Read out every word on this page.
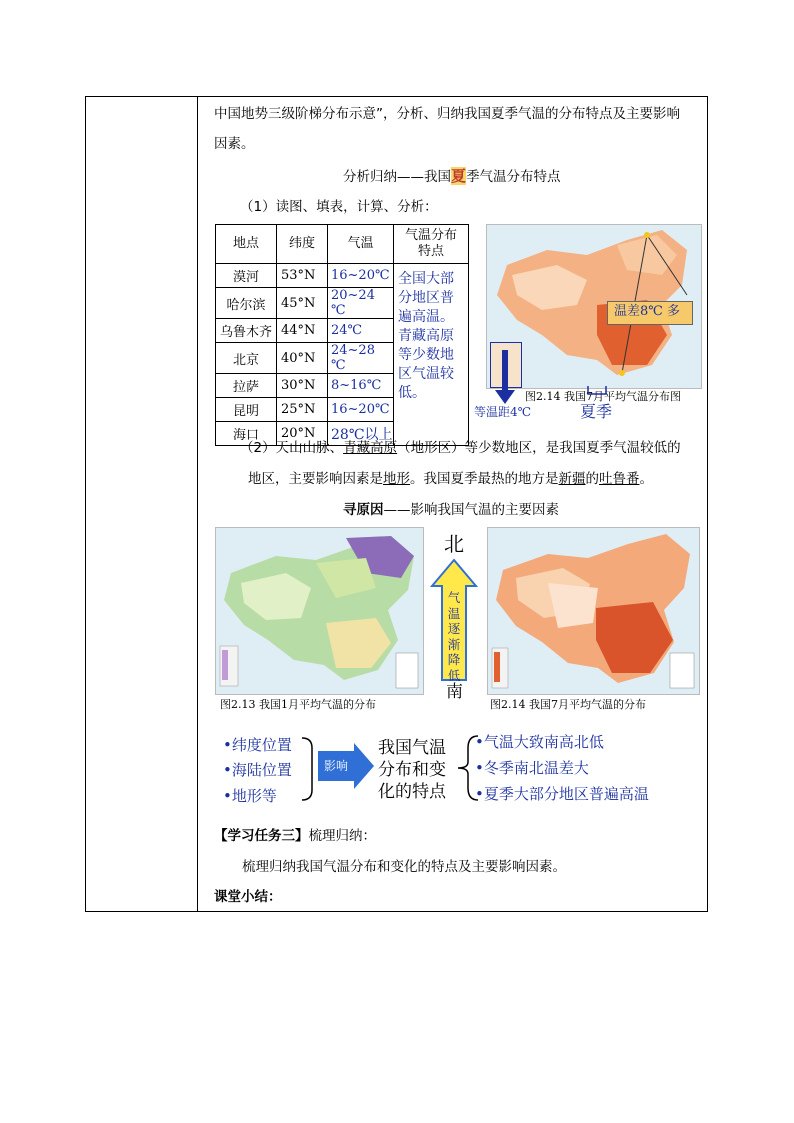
中国地势三级阶梯分布示意”，分析、归纳我国夏季气温的分布特点及主要影响
因素。
分析归纳——我国夏季气温分布特点
（1）读图、填表，计算、分析：
地点	纬度	气温	气温分布特点

漠河	53°N	16~20℃	全国大部分地区普遍高温。青藏高原等少数地区气温较低。
哈尔滨	45°N	20~24 ℃	
乌鲁木齐	44°N	24℃	
北京	40°N	24~28 ℃	
拉萨	30°N	8~16℃	
昆明	25°N	16~20℃	
海口	20°N	28℃以上	
温差8℃ 多
图2.14 我国7月平均气温分布图
等温距4℃	夏季
（2）天山山脉、青藏高原（地形区）等少数地区，是我国夏季气温较低的
地区，主要影响因素是地形。我国夏季最热的地方是新疆的吐鲁番。
寻原因——影响我国气温的主要因素
图2.13 我国1月平均气温的分布
北
气温逐渐降低
南
图2.14 我国7月平均气温的分布
•纬度位置
•海陆位置
•地形等
影响
我国气温
分布和变
化的特点
•气温大致南高北低
•冬季南北温差大
•夏季大部分地区普遍高温
【学习任务三】梳理归纳：
梳理归纳我国气温分布和变化的特点及主要影响因素。
课堂小结：
